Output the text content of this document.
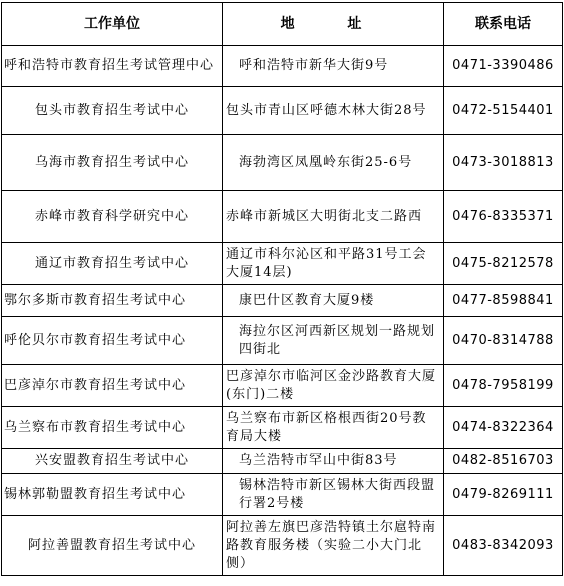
工作单位	地 址	联系电话
呼和浩特市教育招生考试管理中心	呼和浩特市新华大街9号	0471-3390486
包头市教育招生考试中心	包头市青山区呼德木林大街28号	0472-5154401
乌海市教育招生考试中心	海勃湾区凤凰岭东街25-6号	0473-3018813
赤峰市教育科学研究中心	赤峰市新城区大明街北支二路西	0476-8335371
通辽市教育招生考试中心	通辽市科尔沁区和平路31号工会大厦14层)	0475-8212578
鄂尔多斯市教育招生考试中心	康巴什区教育大厦9楼	0477-8598841
呼伦贝尔市教育招生考试中心	海拉尔区河西新区规划一路规划四街北	0470-8314788
巴彦淖尔市教育招生考试中心	巴彦淖尔市临河区金沙路教育大厦(东门)二楼	0478-7958199
乌兰察布市教育招生考试中心	乌兰察布市新区格根西街20号教育局大楼	0474-8322364
兴安盟教育招生考试中心	乌兰浩特市罕山中街83号	0482-8516703
锡林郭勒盟教育招生考试中心	锡林浩特市新区锡林大街西段盟行署2号楼	0479-8269111
阿拉善盟教育招生考试中心	阿拉善左旗巴彦浩特镇土尔扈特南路教育服务楼（实验二小大门北侧）	0483-8342093
